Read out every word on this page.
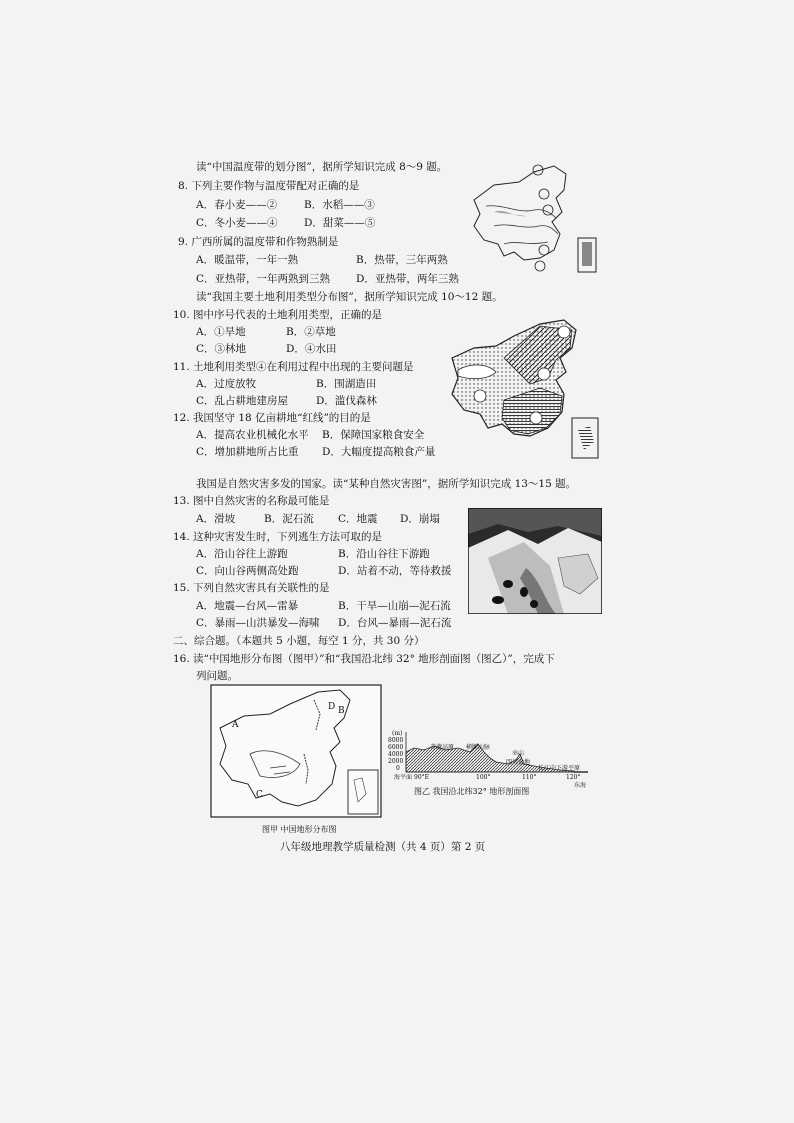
读“中国温度带的划分图”，据所学知识完成 8～9 题。
8. 下列主要作物与温度带配对正确的是
A．春小麦——②	B．水稻——③
C．冬小麦——④	D．甜菜——⑤
9. 广西所属的温度带和作物熟制是
A．暖温带，一年一熟	B．热带，三年两熟
C．亚热带，一年两熟到三熟 D．亚热带，两年三熟
读“我国主要土地利用类型分布图”，据所学知识完成 10～12 题。
10. 图中序号代表的土地利用类型，正确的是
A．①旱地	B．②草地
C．③林地	D．④水田
11. 土地利用类型④在利用过程中出现的主要问题是
A．过度放牧	B．围湖造田
C．乱占耕地建房屋	D．滥伐森林
12. 我国坚守 18 亿亩耕地“红线”的目的是
A．提高农业机械化水平 B．保障国家粮食安全
C．增加耕地所占比重 D．大幅度提高粮食产量
我国是自然灾害多发的国家。读“某种自然灾害图”，据所学知识完成 13～15 题。
13. 图中自然灾害的名称最可能是
A．滑坡	B．泥石流 C．地震 D．崩塌
14. 这种灾害发生时，下列逃生方法可取的是
A．沿山谷往上游跑	B．沿山谷往下游跑
C．向山谷两侧高处跑	D．站着不动，等待救援
15. 下列自然灾害具有关联性的是
A．地震—台风—雷暴	B．干旱—山崩—泥石流
C．暴雨—山洪暴发—海啸 D．台风—暴雨—泥石流
二、综合题。（本题共 5 小题，每空 1 分，共 30 分）
16. 读“中国地形分布图（图甲）”和“我国沿北纬 32° 地形剖面图（图乙）”，完成下
列问题。
A
B
C
D
图甲 中国地形分布图
(m)
8000
6000
4000
2000
0
海平面
青藏高原 横断山脉
巫山
四川盆地
长江中下游平原
90°E	100°	110°	120°
东海
图乙 我国沿北纬32° 地形剖面图
八年级地理教学质量检测（共 4 页）第 2 页
